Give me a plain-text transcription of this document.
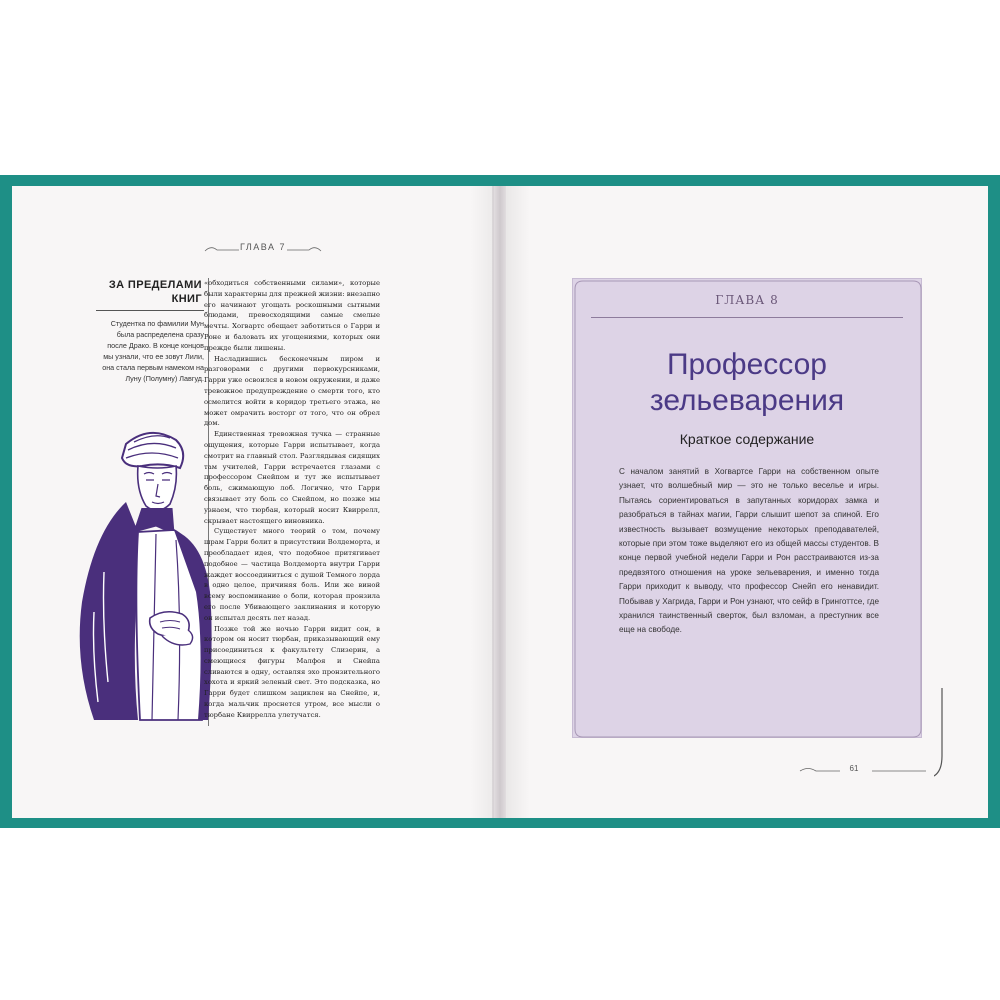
ГЛАВА 7
ЗА ПРЕДЕЛАМИ КНИГ
Студентка по фамилии Мун была распределена сразу после Драко. В конце концов мы узнали, что ее зовут Лили, она стала первым намеком на Луну (Полумну) Лавгуд.

«обходиться собственными силами», которые были характерны для прежней жизни: внезапно его начинают угощать роскошными сытными блюдами, превосходящими самые смелые мечты. Хогвартс обещает заботиться о Гарри и Роне и баловать их угощениями, которых они прежде были лишены.

Насладившись бесконечным пиром и разговорами с другими первокурсниками, Гарри уже освоился в новом окружении, и даже тревожное предупреждение о смерти того, кто осмелится войти в коридор третьего этажа, не может омрачить восторг от того, что он обрел дом.

Единственная тревожная тучка — странные ощущения, которые Гарри испытывает, когда смотрит на главный стол. Разглядывая сидящих там учителей, Гарри встречается глазами с профессором Снейпом и тут же испытывает боль, сжимающую лоб. Логично, что Гарри связывает эту боль со Снейпом, но позже мы узнаем, что тюрбан, который носит Квиррелл, скрывает настоящего виновника.

Существует много теорий о том, почему шрам Гарри болит в присутствии Волдеморта, и преобладает идея, что подобное притягивает подобное — частица Волдеморта внутри Гарри жаждет воссоединиться с душой Темного лорда в одно целое, причиняя боль. Или же виной всему воспоминание о боли, которая пронзила его после Убивающего заклинания и которую он испытал десять лет назад.

Позже той же ночью Гарри видит сон, в котором он носит тюрбан, приказывающий ему присоединиться к факультету Слизерин, а смеющиеся фигуры Малфоя и Снейпа сливаются в одну, оставляя эхо пронзительного хохота и яркий зеленый свет. Это подсказка, но Гарри будет слишком зациклен на Снейпе, и, когда мальчик проснется утром, все мысли о тюрбане Квиррелла улетучатся.

ГЛАВА 8
Профессор
зельеварения
Краткое содержание
С началом занятий в Хогвартсе Гарри на собственном опыте узнает, что волшебный мир — это не только веселье и игры. Пытаясь сориентироваться в запутанных коридорах замка и разобраться в тайнах магии, Гарри слышит шепот за спиной. Его известность вызывает возмущение некоторых преподавателей, которые при этом тоже выделяют его из общей массы студентов. В конце первой учебной недели Гарри и Рон расстраиваются из-за предвзятого отношения на уроке зельеварения, и именно тогда Гарри приходит к выводу, что профессор Снейп его ненавидит. Побывав у Хагрида, Гарри и Рон узнают, что сейф в Гринготтсе, где хранился таинственный сверток, был взломан, а преступник все еще на свободе.
61
